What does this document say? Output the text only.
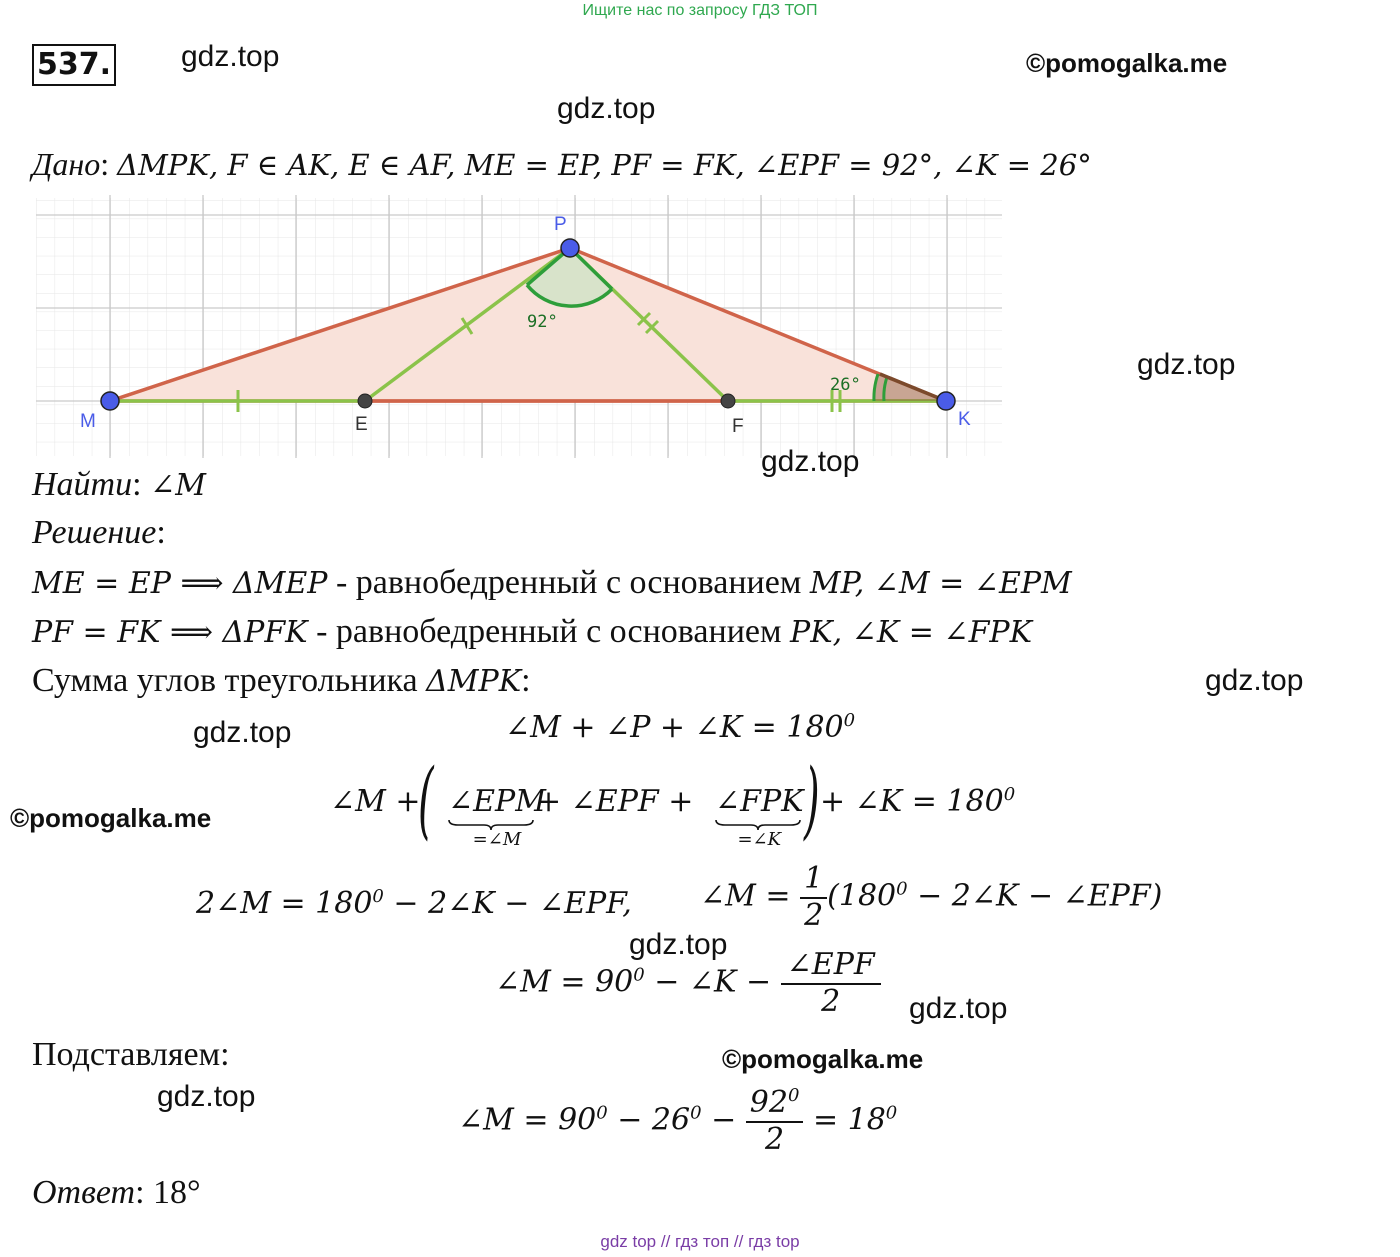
Ищите нас по запросу ГДЗ ТОП
537. gdz.top	©pomogalka.me
gdz.top
Дано: ΔMPK, F ∈ AK, E ∈ AF, ME = EP, PF = FK, ∠EPF = 92°, ∠K = 26°
92°
26°
M
P
K
E	F
gdz.top
gdz.top
Найти: ∠M
Решение:
ME = EP ⟹ ΔMEP - равнобедренный с основанием MP, ∠M = ∠EPM
PF = FK ⟹ ΔPFK - равнобедренный с основанием PK, ∠K = ∠FPK
Сумма углов треугольника ΔMPK:	gdz.top
gdz.top	∠M + ∠P + ∠K = $180^0$
©pomogalka.me	∠M +
( ∠EPM
=∠M
+ ∠EPF + ∠FPK
=∠K ) + ∠K = $180^0$
2∠M = $180^0$ − 2∠K − ∠EPF, ∠M = $\frac{1}{2} (180^0$ − 2∠K − ∠EPF)
gdz.top
∠M = $90^0$ − ∠K − $\frac{\text{∠EPF}}{2} gdz.top$
Подставляем:	©pomogalka.me
gdz.top
∠M = $90^0 - 26^0 - \frac{92^0}{2} = 18^0$
Ответ: 18°
gdz top // гдз топ // гдз top
